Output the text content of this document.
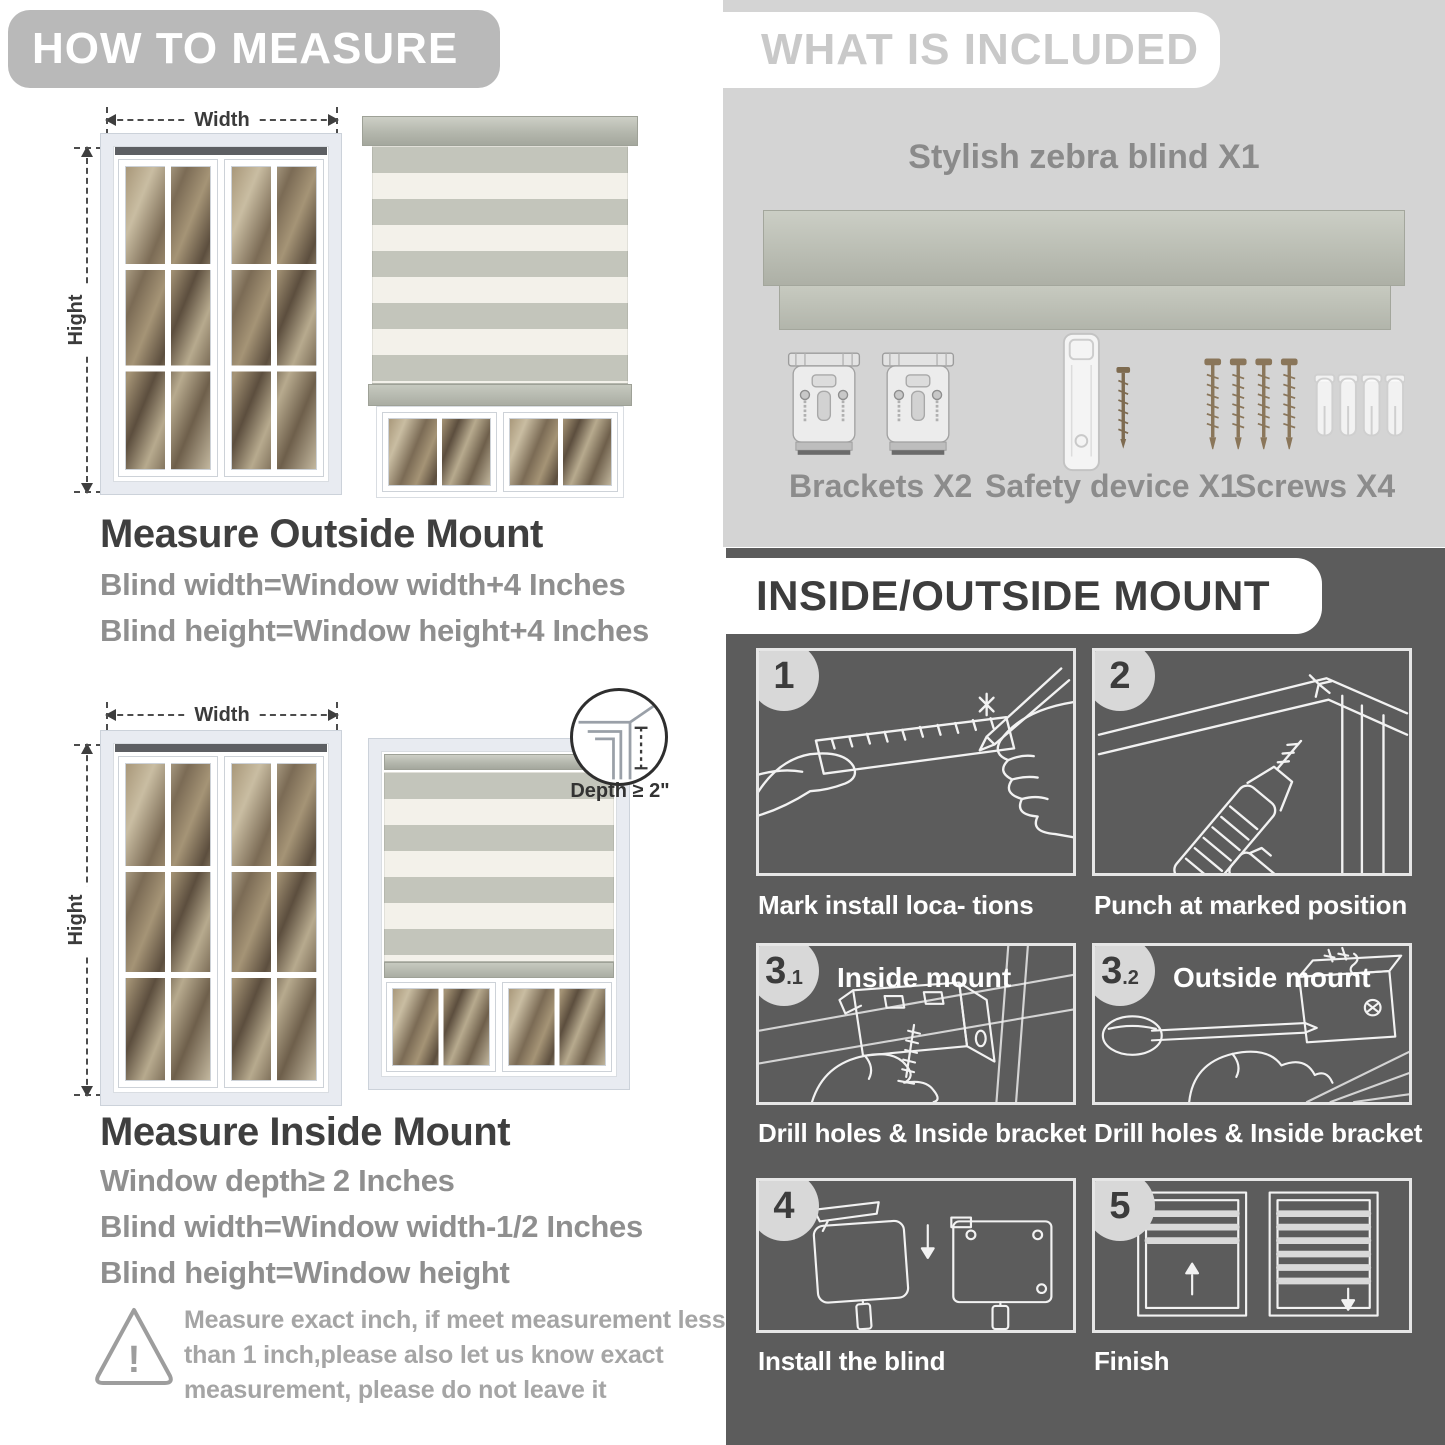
HOW TO MEASURE
Width
Hight
Measure Outside Mount
Blind width=Window width+4 Inches
Blind height=Window height+4 Inches
Width
Hight
Depth ≥ 2"
Measure Inside Mount
Window depth≥ 2 Inches
Blind width=Window width-1/2 Inches
Blind height=Window height
!
Measure exact inch, if meet measurement less
than 1 inch,please also let us know exact
measurement, please do not leave it
WHAT IS INCLUDED
Stylish zebra blind X1
Brackets X2 Safety device X1
Screws X4
INSIDE/OUTSIDE MOUNT
1
Mark install loca- tions
2
Punch at marked position
3 .1 Inside mount
Drill holes & Inside bracket
3 .2 Outside mount
Drill holes & Inside bracket
4
Install the blind
5
Finish
